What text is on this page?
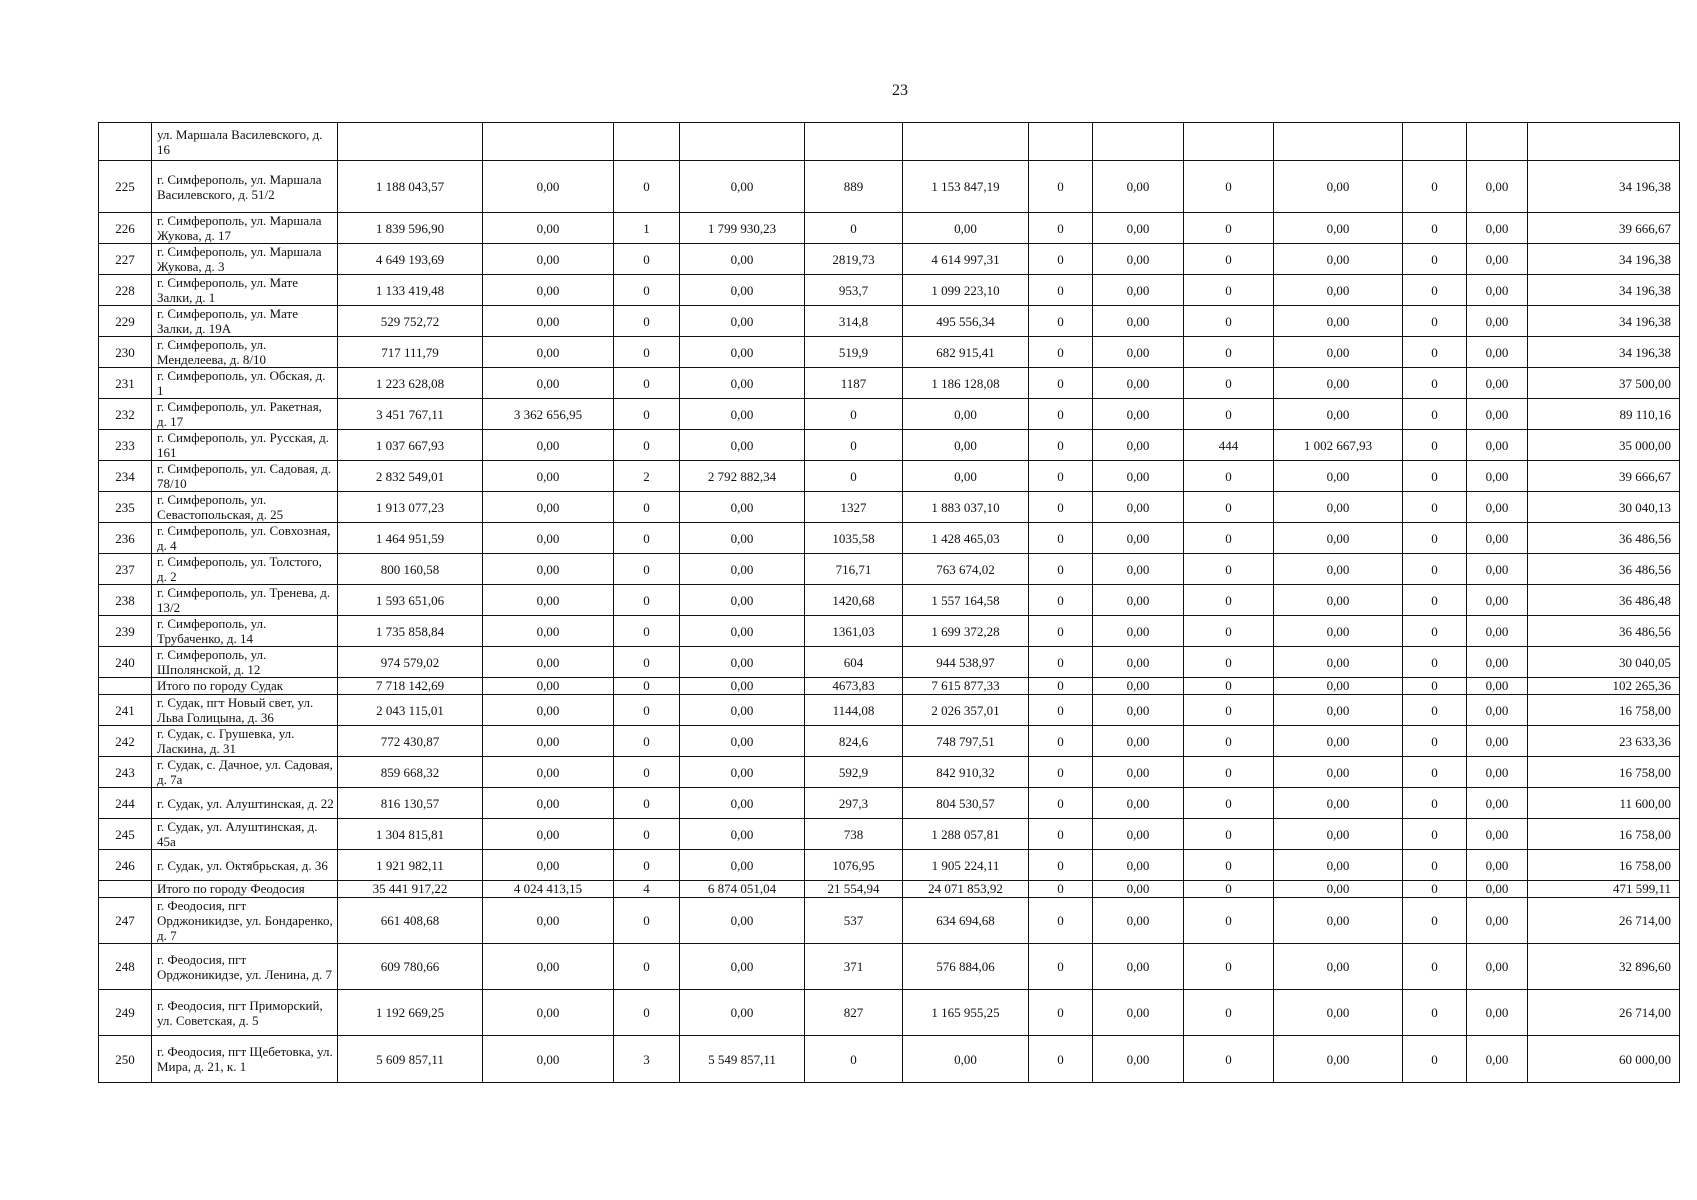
23
	ул. Маршала Василевского, д. 16													
225	г. Симферополь, ул. Маршала Василевского, д. 51/2	1 188 043,57	0,00	0	0,00	889	1 153 847,19	0	0,00	0	0,00	0	0,00	34 196,38
226	г. Симферополь, ул. Маршала Жукова, д. 17	1 839 596,90	0,00	1	1 799 930,23	0	0,00	0	0,00	0	0,00	0	0,00	39 666,67
227	г. Симферополь, ул. Маршала Жукова, д. 3	4 649 193,69	0,00	0	0,00	2819,73	4 614 997,31	0	0,00	0	0,00	0	0,00	34 196,38
228	г. Симферополь, ул. Мате Залки, д. 1	1 133 419,48	0,00	0	0,00	953,7	1 099 223,10	0	0,00	0	0,00	0	0,00	34 196,38
229	г. Симферополь, ул. Мате Залки, д. 19А	529 752,72	0,00	0	0,00	314,8	495 556,34	0	0,00	0	0,00	0	0,00	34 196,38
230	г. Симферополь, ул. Менделеева, д. 8/10	717 111,79	0,00	0	0,00	519,9	682 915,41	0	0,00	0	0,00	0	0,00	34 196,38
231	г. Симферополь, ул. Обская, д. 1	1 223 628,08	0,00	0	0,00	1187	1 186 128,08	0	0,00	0	0,00	0	0,00	37 500,00
232	г. Симферополь, ул. Ракетная, д. 17	3 451 767,11	3 362 656,95	0	0,00	0	0,00	0	0,00	0	0,00	0	0,00	89 110,16
233	г. Симферополь, ул. Русская, д. 161	1 037 667,93	0,00	0	0,00	0	0,00	0	0,00	444	1 002 667,93	0	0,00	35 000,00
234	г. Симферополь, ул. Садовая, д. 78/10	2 832 549,01	0,00	2	2 792 882,34	0	0,00	0	0,00	0	0,00	0	0,00	39 666,67
235	г. Симферополь, ул. Севастопольская, д. 25	1 913 077,23	0,00	0	0,00	1327	1 883 037,10	0	0,00	0	0,00	0	0,00	30 040,13
236	г. Симферополь, ул. Совхозная, д. 4	1 464 951,59	0,00	0	0,00	1035,58	1 428 465,03	0	0,00	0	0,00	0	0,00	36 486,56
237	г. Симферополь, ул. Толстого, д. 2	800 160,58	0,00	0	0,00	716,71	763 674,02	0	0,00	0	0,00	0	0,00	36 486,56
238	г. Симферополь, ул. Тренева, д. 13/2	1 593 651,06	0,00	0	0,00	1420,68	1 557 164,58	0	0,00	0	0,00	0	0,00	36 486,48
239	г. Симферополь, ул. Трубаченко, д. 14	1 735 858,84	0,00	0	0,00	1361,03	1 699 372,28	0	0,00	0	0,00	0	0,00	36 486,56
240	г. Симферополь, ул. Шполянской, д. 12	974 579,02	0,00	0	0,00	604	944 538,97	0	0,00	0	0,00	0	0,00	30 040,05
	Итого по городу Судак	7 718 142,69	0,00	0	0,00	4673,83	7 615 877,33	0	0,00	0	0,00	0	0,00	102 265,36
241	г. Судак, пгт Новый свет, ул. Льва Голицына, д. 36	2 043 115,01	0,00	0	0,00	1144,08	2 026 357,01	0	0,00	0	0,00	0	0,00	16 758,00
242	г. Судак, с. Грушевка, ул. Ласкина, д. 31	772 430,87	0,00	0	0,00	824,6	748 797,51	0	0,00	0	0,00	0	0,00	23 633,36
243	г. Судак, с. Дачное, ул. Садовая, д. 7а	859 668,32	0,00	0	0,00	592,9	842 910,32	0	0,00	0	0,00	0	0,00	16 758,00
244	г. Судак, ул. Алуштинская, д. 22	816 130,57	0,00	0	0,00	297,3	804 530,57	0	0,00	0	0,00	0	0,00	11 600,00
245	г. Судак, ул. Алуштинская, д. 45а	1 304 815,81	0,00	0	0,00	738	1 288 057,81	0	0,00	0	0,00	0	0,00	16 758,00
246	г. Судак, ул. Октябрьская, д. 36	1 921 982,11	0,00	0	0,00	1076,95	1 905 224,11	0	0,00	0	0,00	0	0,00	16 758,00
	Итого по городу Феодосия	35 441 917,22	4 024 413,15	4	6 874 051,04	21 554,94	24 071 853,92	0	0,00	0	0,00	0	0,00	471 599,11
247	г. Феодосия, пгт Орджоникидзе, ул. Бондаренко, д. 7	661 408,68	0,00	0	0,00	537	634 694,68	0	0,00	0	0,00	0	0,00	26 714,00
248	г. Феодосия, пгт Орджоникидзе, ул. Ленина, д. 7	609 780,66	0,00	0	0,00	371	576 884,06	0	0,00	0	0,00	0	0,00	32 896,60
249	г. Феодосия, пгт Приморский, ул. Советская, д. 5	1 192 669,25	0,00	0	0,00	827	1 165 955,25	0	0,00	0	0,00	0	0,00	26 714,00
250	г. Феодосия, пгт Щебетовка, ул. Мира, д. 21, к. 1	5 609 857,11	0,00	3	5 549 857,11	0	0,00	0	0,00	0	0,00	0	0,00	60 000,00
